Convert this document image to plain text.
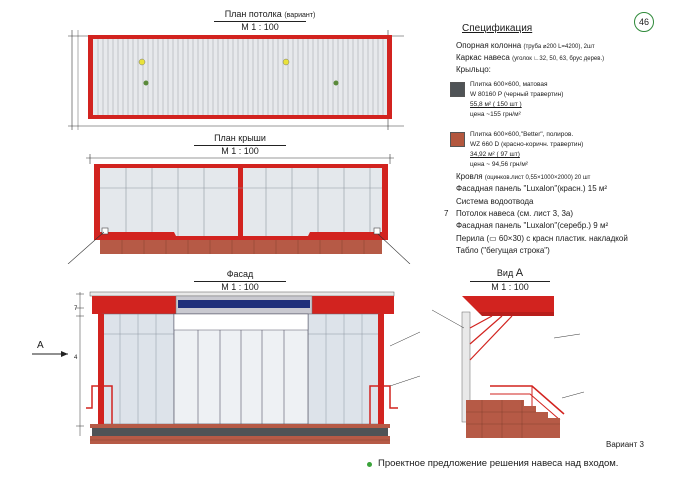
46
План потолка (вариант)
М 1 : 100
План крыши
М 1 : 100
Фасад
М 1 : 100
А
7
4
Вид А
М 1 : 100
Спецификация
Опорная колонна (труба ⌀200 L=4200), 2шт
Каркас навеса (уголок ∟32, 50, 63, брус дерев.)
Крыльцо:
Плитка 600×600, матовая
W 80160 P (черный травертин)
55,8 м² ( 150 шт )
цена ~155 грн/м²
Плитка 600×600,"Better", полиров.
WZ 660 D (красно-коричн. травертин)
34,92 м² ( 97 шт)
цена ~ 94,56 грн/м²
Кровля (оцинков.лист 0,55×1000×2000) 20 шт
Фасадная панель "Luxalon"(красн.) 15 м²
Система водоотвода
7 Потолок навеса (см. лист 3, 3а)
Фасадная панель "Luxalon"(серебр.) 9 м²
Перила (▭ 60×30) с красн пластик. накладкой
Табло ("бегущая строка")
Вариант 3
Проектное предложение решения навеса над входом.
